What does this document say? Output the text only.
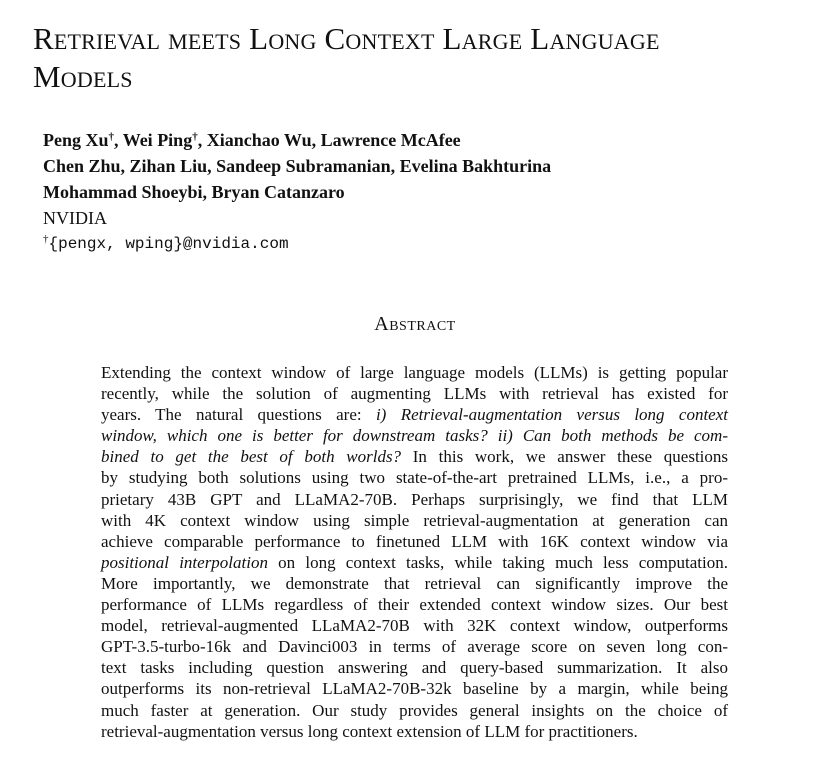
Retrieval meets Long Context Large Language
Models
Peng Xu†, Wei Ping†, Xianchao Wu, Lawrence McAfee
Chen Zhu, Zihan Liu, Sandeep Subramanian, Evelina Bakhturina
Mohammad Shoeybi, Bryan Catanzaro
NVIDIA
†{pengx, wping}@nvidia.com
Abstract
Extending the context window of large language models (LLMs) is getting popular
recently, while the solution of augmenting LLMs with retrieval has existed for
years. The natural questions are: i) Retrieval-augmentation versus long context
window, which one is better for downstream tasks? ii) Can both methods be com-
bined to get the best of both worlds? In this work, we answer these questions
by studying both solutions using two state-of-the-art pretrained LLMs, i.e., a pro-
prietary 43B GPT and LLaMA2-70B. Perhaps surprisingly, we find that LLM
with 4K context window using simple retrieval-augmentation at generation can
achieve comparable performance to finetuned LLM with 16K context window via
positional interpolation on long context tasks, while taking much less computation.
More importantly, we demonstrate that retrieval can significantly improve the
performance of LLMs regardless of their extended context window sizes. Our best
model, retrieval-augmented LLaMA2-70B with 32K context window, outperforms
GPT-3.5-turbo-16k and Davinci003 in terms of average score on seven long con-
text tasks including question answering and query-based summarization. It also
outperforms its non-retrieval LLaMA2-70B-32k baseline by a margin, while being
much faster at generation. Our study provides general insights on the choice of
retrieval-augmentation versus long context extension of LLM for practitioners.
